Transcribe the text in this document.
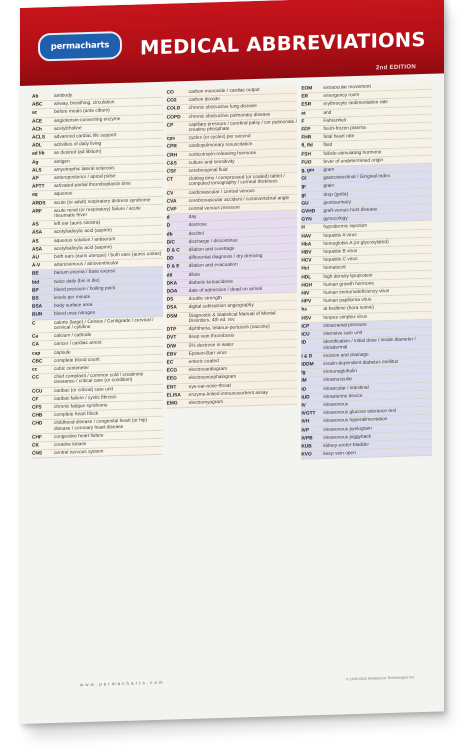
permacharts MEDICAL ABBREVIATIONS
2nd EDITION
Ab	antibody
ABC	airway, breathing, circulation
ac	before meals (ante cibum)
ACE	angiotensin-converting enzyme
ACh	acetylcholine
ACLS	advanced cardiac life support
ADL	activities of daily living
ad lib	as desired (ad libitum)
Ag	antigen
ALS	amyotrophic lateral sclerosis
AP	anteroposterior / apical pulse
APTT	activated partial thromboplastin time
aq	aqueous
ARDS	acute (or adult) respiratory distress syndrome
ARF	acute renal (or respiratory) failure / acute rheumatic fever
AS	left ear (auris sinistra)
ASA	acetylsalicylic acid (aspirin)
AS	aqueous solution / antiserum
ASA	acetylsalicylic acid (aspirin)
AU	both ears (auris uterque) / both ears (aures unitas)
A-V	arteriovenous / atrioventricular
BE	barium enema / base excess
bid	twice daily (bis in die)
BP	blood pressure / boiling point
BS	levels per minute
BSA	body surface area
BUN	blood urea nitrogen
C	calorie (large) / Celsius / Centigrade / cervical / cervical / cytidine
Ca	calcium / cathode
CA	cancer / cardiac arrest
cap	capsule
CBC	complete blood count
cc	cubic centimeter
CC	chief complaint / common cold / creatinine clearance / critical care (or condition)
CCU	cardiac (or critical) care unit
CF	cardiac failure / cystic fibrosis
CFS	chronic fatigue syndrome
CHB	complete heart block
CHD	childhood disease / congenital heart (or hip) disease / coronary heart disease
CHF	congestive heart failure
CK	creatine kinase
CNS	central nervous system
CO	carbon monoxide / cardiac output
CO2	carbon dioxide
COLD	chronic obstructive lung disease
COPD	chronic obstructive pulmonary disease
CP	capillary pressure / cerebral palsy / cor pulmonale / creatine phosphate
cps	cycles (or cycles) per second
CPR	cardiopulmonary resuscitation
CRH	corticotropin-releasing hormone
C&S	culture and sensitivity
CSF	cerebrospinal fluid
CT	clotting time / compressed (or coated) tablet / computed tomography / corneal thickness
CV	cardiovascular / central venous
CVA	cerebrovascular accident / costovertebral angle
CVP	central venous pressure
d	day
D	dextrose
db	decibel
D/C	discharge / discontinue
D & C	dilation and curettage
DD	differential diagnosis / dry dressing
D & E	dilation and evacuation
dil	dilute
DKA	diabetic ketoacidosis
DOA	date of admission / dead on arrival
DS	double strength
DSA	digital subtraction angiography
DSM	Diagnostic & Statistical Manual of Mental Disorders, 4th ed. rev.
DTP	diphtheria, tetanus-pertussis (vaccine)
DVT	deep vein thrombosis
D/W	5% dextrose in water
EBV	Epstein-Barr virus
EC	enteric coated
ECG	electrocardiogram
EEG	electroencephalogram
ENT	eye-ear-nose-throat
ELISA	enzyme-linked immunosorbent assay
EMG	electromyogram
EOM	extraocular movement
ER	emergency room
ESR	erythrocyte sedimentation rate
et	and
F	Fahrenheit
FFP	fresh-frozen plasma
FHR	fetal heart rate
fl, fld	fluid
FSH	follicle-stimulating hormone
FUO	fever of undetermined origin
g, gm	gram
GI	gastrointestinal / Gingival Index
gr	grain
gt	drop (gutta)
GU	genitourinary
GVHD	graft-versus-host disease
GYN	gynecology
H	hypodermic injection
HAV	hepatitis A virus
HbA	hemoglobin A (or glycosylated)
HBV	hepatitis B virus
HCV	hepatitis C virus
Hct	hematocrit
HDL	high density lipoprotein
HGH	human growth hormone
HIV	human immunodeficiency virus
HPV	human papilloma virus
hs	at bedtime (hora somni)
HSV	herpes simplex virus
ICP	intracranial pressure
ICU	intensive care unit
ID	identification / initial dose / inside diameter / intradermal
I & D	incision and drainage
IDDM	insulin-dependent diabetes mellitus
Ig	immunoglobulin
IM	intramuscular
IO	intraocular / intestinal
IUD	intrauterine device
IV	intravenous
IVGTT	intravenous glucose tolerance test
IVH	intravenous hyperalimentation
IVP	intravenous pyelogram
IVPB	intravenous piggyback
KUB	kidney-ureter-bladder
KVO	keep vein open
w w w . p e r m a c h a r t s . c o m
© 1999-2015 Mindsource Technologies Inc.
